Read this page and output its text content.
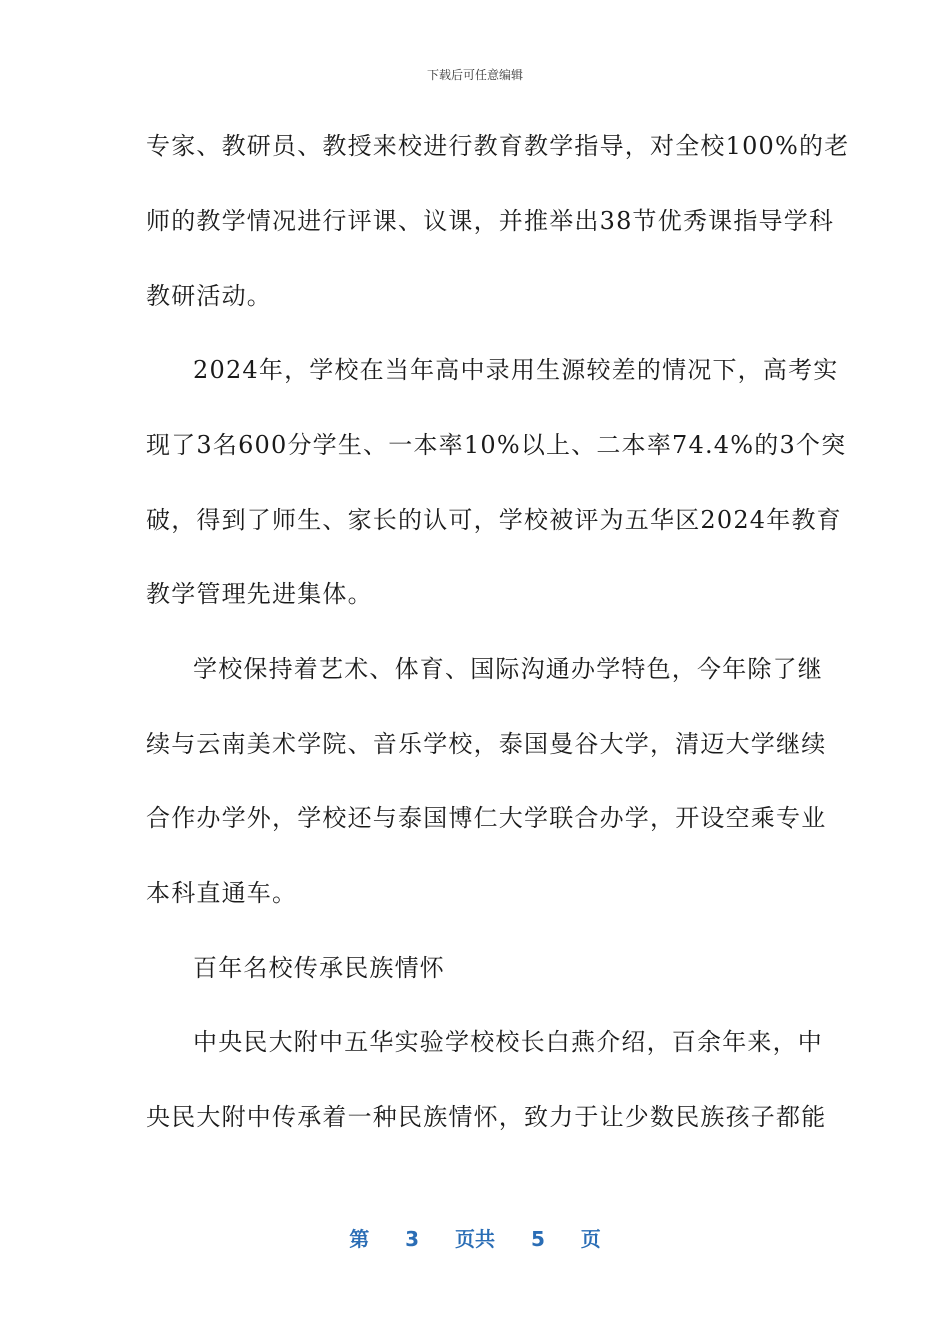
下载后可任意编辑
专家、教研员、教授来校进行教育教学指导，对全校100%的老
师的教学情况进行评课、议课，并推举出38节优秀课指导学科
教研活动。
2024年，学校在当年高中录用生源较差的情况下，高考实
现了3名600分学生、一本率10%以上、二本率74.4%的3个突
破，得到了师生、家长的认可，学校被评为五华区2024年教育
教学管理先进集体。
学校保持着艺术、体育、国际沟通办学特色，今年除了继
续与云南美术学院、音乐学校，泰国曼谷大学，清迈大学继续
合作办学外，学校还与泰国博仁大学联合办学，开设空乘专业
本科直通车。
百年名校传承民族情怀
中央民大附中五华实验学校校长白燕介绍，百余年来，中
央民大附中传承着一种民族情怀，致力于让少数民族孩子都能
第 3 页共 5 页
